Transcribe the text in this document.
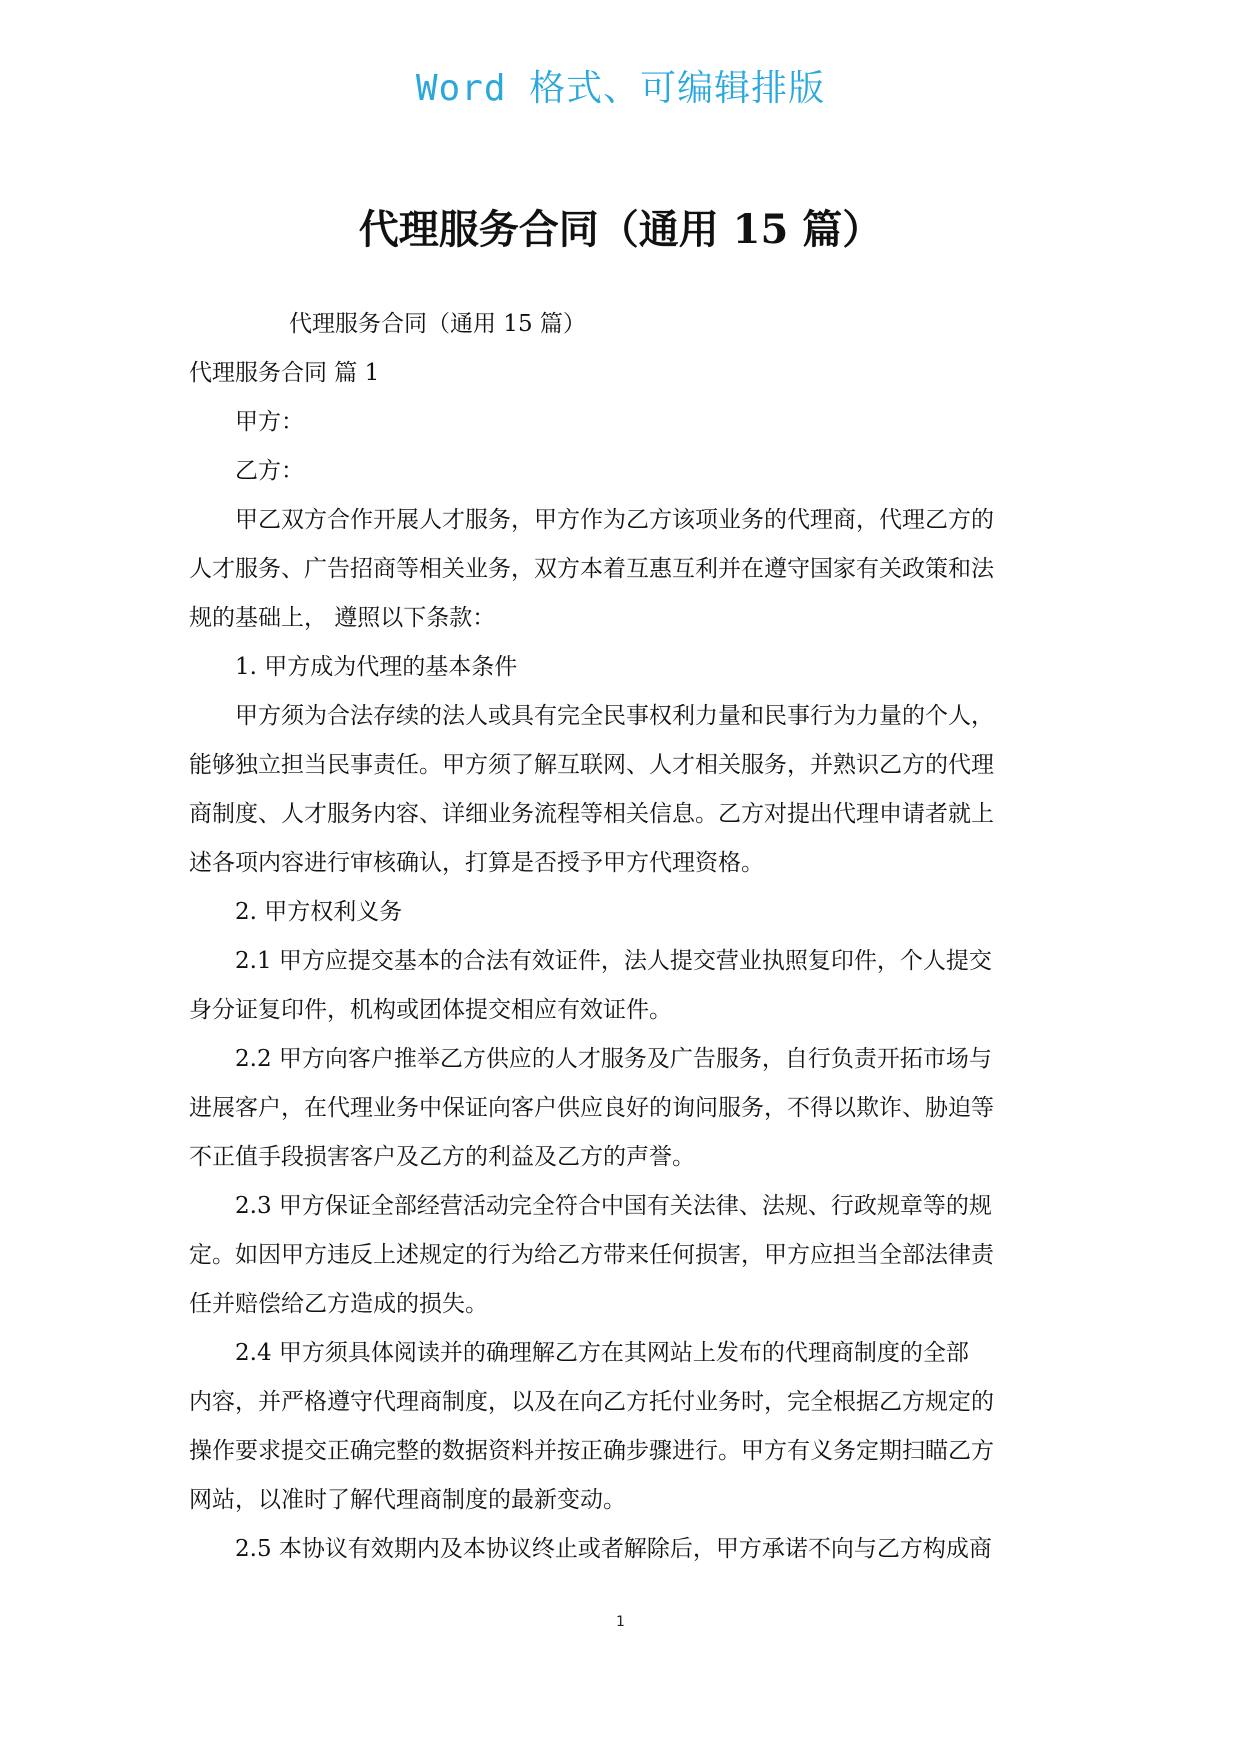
Word 格式、可编辑排版
代理服务合同（通用 15 篇）
代理服务合同（通用 15 篇）
代理服务合同 篇 1
甲方：
乙方：
甲乙双方合作开展人才服务，甲方作为乙方该项业务的代理商，代理乙方的
人才服务、广告招商等相关业务，双方本着互惠互利并在遵守国家有关政策和法
规的基础上， 遵照以下条款：
1. 甲方成为代理的基本条件
甲方须为合法存续的法人或具有完全民事权利力量和民事行为力量的个人，
能够独立担当民事责任。甲方须了解互联网、人才相关服务，并熟识乙方的代理
商制度、人才服务内容、详细业务流程等相关信息。乙方对提出代理申请者就上
述各项内容进行审核确认，打算是否授予甲方代理资格。
2. 甲方权利义务
2.1 甲方应提交基本的合法有效证件，法人提交营业执照复印件，个人提交
身分证复印件，机构或团体提交相应有效证件。
2.2 甲方向客户推举乙方供应的人才服务及广告服务，自行负责开拓市场与
进展客户，在代理业务中保证向客户供应良好的询问服务，不得以欺诈、胁迫等
不正值手段损害客户及乙方的利益及乙方的声誉。
2.3 甲方保证全部经营活动完全符合中国有关法律、法规、行政规章等的规
定。如因甲方违反上述规定的行为给乙方带来任何损害，甲方应担当全部法律责
任并赔偿给乙方造成的损失。
2.4 甲方须具体阅读并的确理解乙方在其网站上发布的代理商制度的全部
内容，并严格遵守代理商制度，以及在向乙方托付业务时，完全根据乙方规定的
操作要求提交正确完整的数据资料并按正确步骤进行。甲方有义务定期扫瞄乙方
网站，以准时了解代理商制度的最新变动。
2.5 本协议有效期内及本协议终止或者解除后，甲方承诺不向与乙方构成商
1
